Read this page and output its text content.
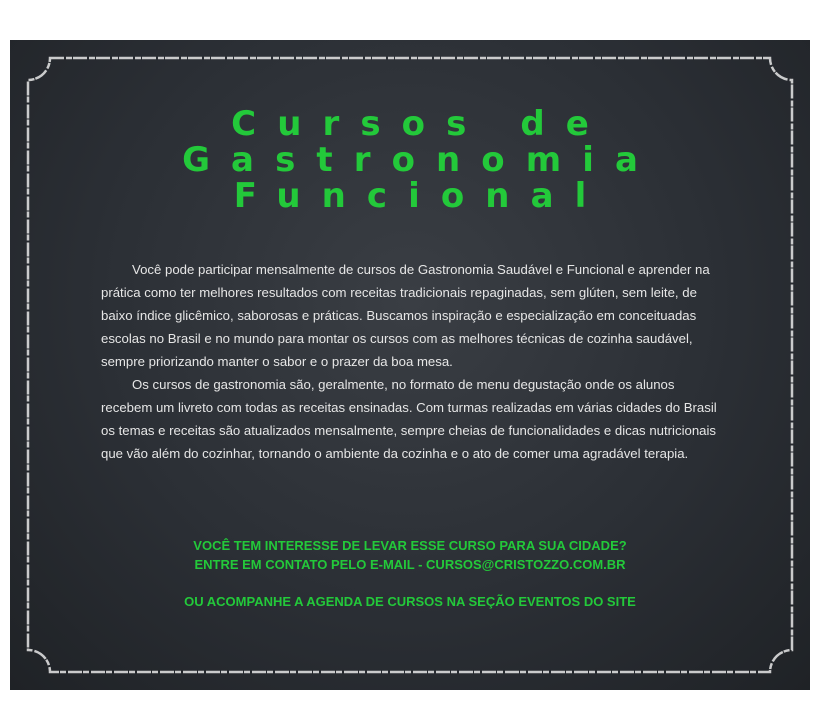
Cursos de
Gastronomia
Funcional

Você pode participar mensalmente de cursos de Gastronomia Saudável e Funcional e aprender na prática como ter melhores resultados com receitas tradicionais repaginadas, sem glúten, sem leite, de baixo índice glicêmico, saborosas e práticas. Buscamos inspiração e especialização em conceituadas escolas no Brasil e no mundo para montar os cursos com as melhores técnicas de cozinha saudável, sempre priorizando manter o sabor e o prazer da boa mesa.

Os cursos de gastronomia são, geralmente, no formato de menu degustação onde os alunos recebem um livreto com todas as receitas ensinadas. Com turmas realizadas em várias cidades do Brasil os temas e receitas são atualizados mensalmente, sempre cheias de funcionalidades e dicas nutricionais que vão além do cozinhar, tornando o ambiente da cozinha e o ato de comer uma agradável terapia.

VOCÊ TEM INTERESSE DE LEVAR ESSE CURSO PARA SUA CIDADE?
ENTRE EM CONTATO PELO E-MAIL - CURSOS@CRISTOZZO.COM.BR
OU ACOMPANHE A AGENDA DE CURSOS NA SEÇÃO EVENTOS DO SITE
